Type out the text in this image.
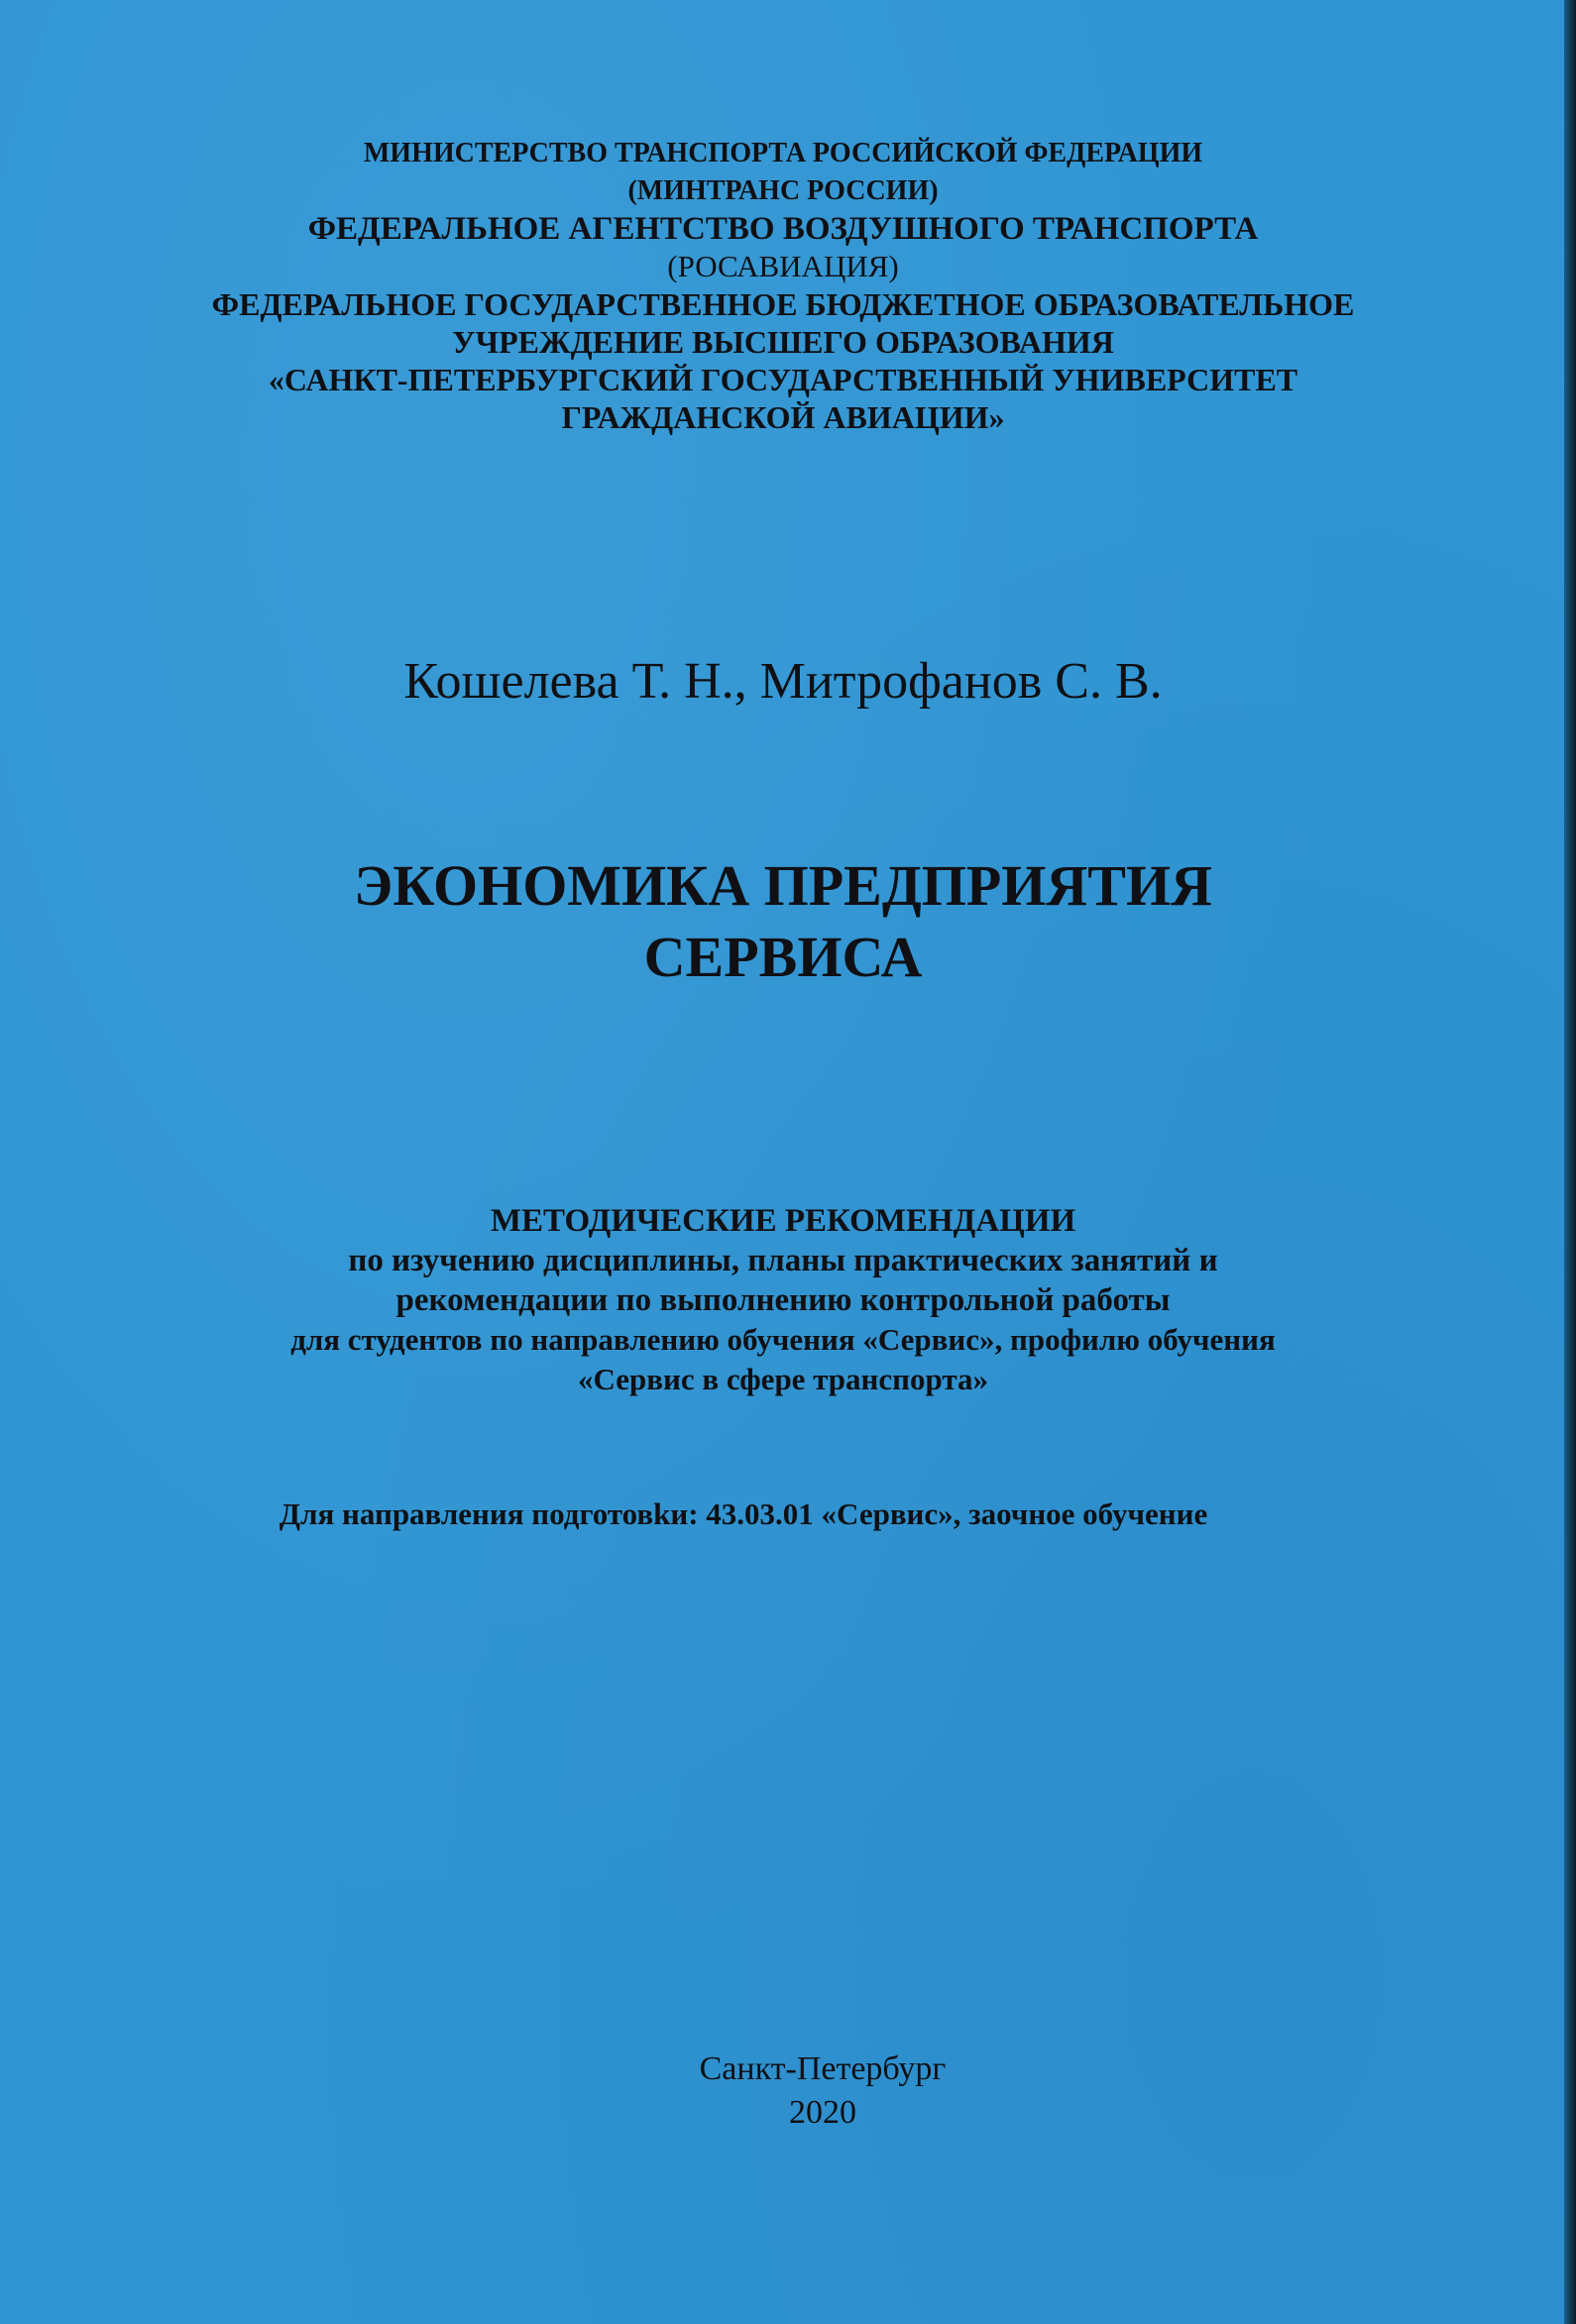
МИНИСТЕРСТВО ТРАНСПОРТА РОССИЙСКОЙ ФЕДЕРАЦИИ
(МИНТРАНС РОССИИ)
ФЕДЕРАЛЬНОЕ АГЕНТСТВО ВОЗДУШНОГО ТРАНСПОРТА
(РОСАВИАЦИЯ)
ФЕДЕРАЛЬНОЕ ГОСУДАРСТВЕННОЕ БЮДЖЕТНОЕ ОБРАЗОВАТЕЛЬНОЕ
УЧРЕЖДЕНИЕ ВЫСШЕГО ОБРАЗОВАНИЯ
«САНКТ-ПЕТЕРБУРГСКИЙ ГОСУДАРСТВЕННЫЙ УНИВЕРСИТЕТ
ГРАЖДАНСКОЙ АВИАЦИИ»
Кошелева Т. Н., Митрофанов С. В.
ЭКОНОМИКА ПРЕДПРИЯТИЯ
СЕРВИСА
МЕТОДИЧЕСКИЕ РЕКОМЕНДАЦИИ
по изучению дисциплины, планы практических занятий и
рекомендации по выполнению контрольной работы
для студентов по направлению обучения «Сервис», профилю обучения
«Сервис в сфере транспорта»
Для направления подготовkи: 43.03.01 «Сервис», заочное обучение
Санкт-Петербург
2020
